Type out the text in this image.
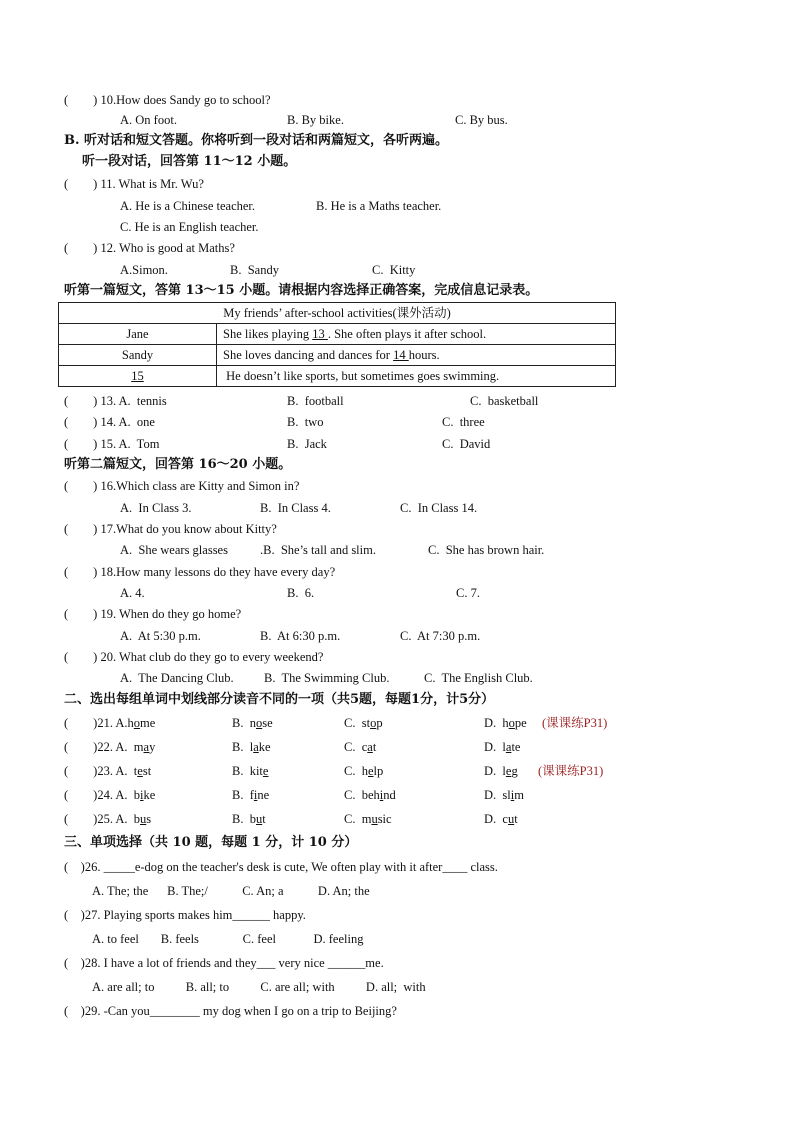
(        ) 10.How does Sandy go to school?
A. On foot.	B. By bike.	C. By bus.
B. 听对话和短文答题。你将听到一段对话和两篇短文，各听两遍。
听一段对话，回答第 11～12 小题。
(        ) 11. What is Mr. Wu?
A. He is a Chinese teacher.	B. He is a Maths teacher.
C. He is an English teacher.
(        ) 12. Who is good at Maths?
A.Simon.	B.  Sandy	C.  Kitty
听第一篇短文，答第 13～15 小题。请根据内容选择正确答案，完成信息记录表。
My friends’ after-school activities(课外活动)	
Jane	She likes playing 13 . She often plays it after school.
Sandy	She loves dancing and dances for 14 hours.
15	He doesn’t like sports, but sometimes goes swimming.
(        ) 13. A.  tennis	B.  football	C.  basketball
(        ) 14. A.  one	B.  two	C.  three
(        ) 15. A.  Tom	B.  Jack	C.  David
听第二篇短文，回答第 16～20 小题。
(        ) 16.Which class are Kitty and Simon in?
A.  In Class 3.	B.  In Class 4.	C.  In Class 14.
(        ) 17.What do you know about Kitty?
A.  She wears glasses	.B.  She’s tall and slim.	C.  She has brown hair.
(        ) 18.How many lessons do they have every day?
A. 4.	B.  6.	C. 7.
(        ) 19. When do they go home?
A.  At 5:30 p.m.	B.  At 6:30 p.m.	C.  At 7:30 p.m.
(        ) 20. What club do they go to every weekend?
A.  The Dancing Club. B.  The Swimming Club.	C.  The English Club.
二、选出每组单词中划线部分读音不同的一项（共5题，每题1分，计5分）
(        )21. A.home	B.  nose	C.  stop	D.  hope (课课练P31)
(        )22. A.  may	B.  lake	C.  cat	D.  late
(        )23. A.  test	B.  kite	C.  help	D.  leg (课课练P31)
(        )24. A.  bike	B.  fine	C.  behind	D.  slim
(        )25. A.  bus	B.  but	C.  music	D.  cut
三、单项选择（共 10 题，每题 1 分，计 10 分）
(    )26. _____e-dog on the teacher's desk is cute, We often play with it after____ class.
A. The; the      B. The;/           C. An; a           D. An; the
(    )27. Playing sports makes him______ happy.
A. to feel       B. feels              C. feel            D. feeling
(    )28. I have a lot of friends and they___ very nice ______me.
A. are all; to          B. all; to          C. are all; with          D. all;  with
(    )29. -Can you________ my dog when I go on a trip to Beijing?
